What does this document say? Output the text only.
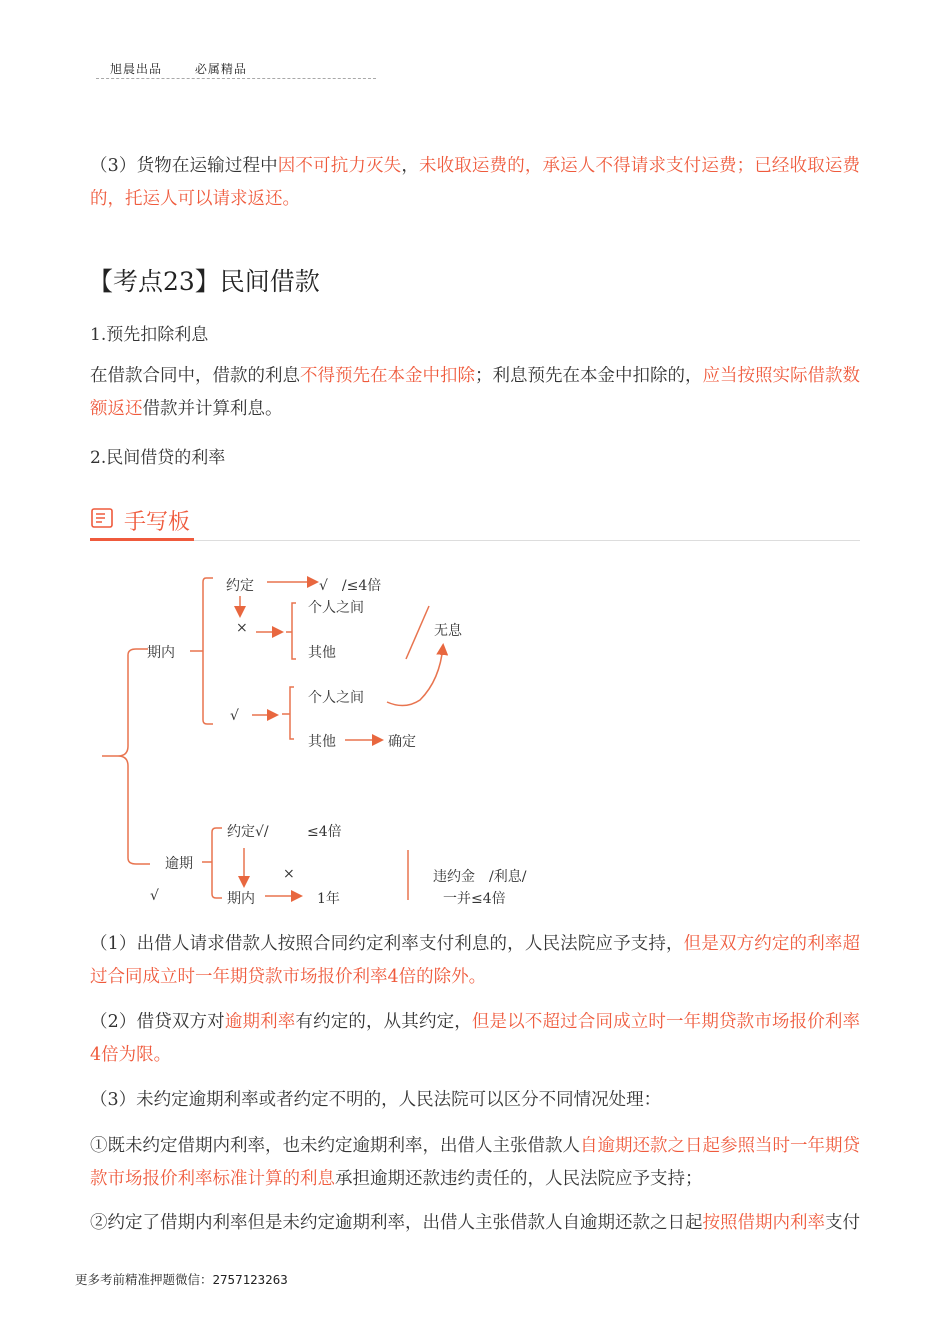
旭晨出品	必属精品

（3）货物在运输过程中因不可抗力灭失，未收取运费的，承运人不得请求支付运费；已经收取运费的，托运人可以请求返还。

【考点23】民间借款
1.预先扣除利息

在借款合同中，借款的利息不得预先在本金中扣除；利息预先在本金中扣除的，应当按照实际借款数额返还借款并计算利息。

2.民间借贷的利率
手写板
约定	√　/≤4倍
×
个人之间
其他
无息
期内
√
个人之间
其他	确定
约定√/	≤4倍
逾期
×
期内	1年
√
违约金　/利息/
一并≤4倍

（1）出借人请求借款人按照合同约定利率支付利息的，人民法院应予支持，但是双方约定的利率超过合同成立时一年期贷款市场报价利率4倍的除外。

（2）借贷双方对逾期利率有约定的，从其约定，但是以不超过合同成立时一年期贷款市场报价利率4倍为限。

（3）未约定逾期利率或者约定不明的，人民法院可以区分不同情况处理：

①既未约定借期内利率，也未约定逾期利率，出借人主张借款人自逾期还款之日起参照当时一年期贷款市场报价利率标准计算的利息承担逾期还款违约责任的，人民法院应予支持；

②约定了借期内利率但是未约定逾期利率，出借人主张借款人自逾期还款之日起按照借期内利率支付

更多考前精准押题微信：2757123263
